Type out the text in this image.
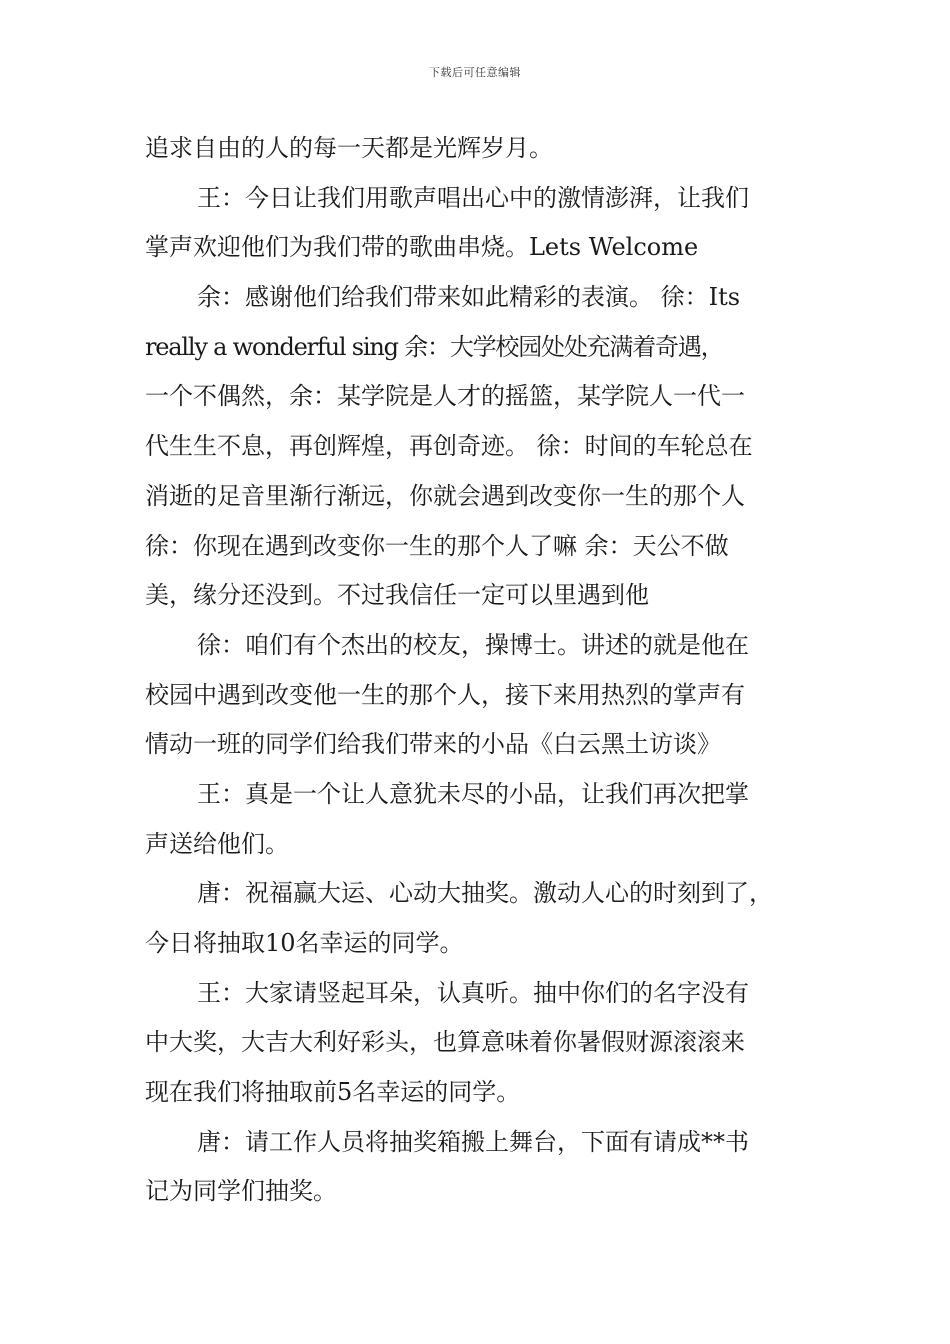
下载后可任意编辑
追求自由的人的每一天都是光辉岁月。
王：今日让我们用歌声唱出心中的激情澎湃，让我们
掌声欢迎他们为我们带的歌曲串烧。Lets Welcome
余：感谢他们给我们带来如此精彩的表演。 徐：Its
really a wonderful sing 余：大学校园处处充满着奇遇，
一个不偶然，余：某学院是人才的摇篮，某学院人一代一
代生生不息，再创辉煌，再创奇迹。 徐：时间的车轮总在
消逝的足音里渐行渐远，你就会遇到改变你一生的那个人
徐：你现在遇到改变你一生的那个人了嘛 余：天公不做
美，缘分还没到。不过我信任一定可以里遇到他
徐：咱们有个杰出的校友，操博士。讲述的就是他在
校园中遇到改变他一生的那个人，接下来用热烈的掌声有
情动一班的同学们给我们带来的小品《白云黑土访谈》
王：真是一个让人意犹未尽的小品，让我们再次把掌
声送给他们。
唐：祝福赢大运、心动大抽奖。激动人心的时刻到了，
今日将抽取10名幸运的同学。
王：大家请竖起耳朵，认真听。抽中你们的名字没有
中大奖，大吉大利好彩头，也算意味着你暑假财源滚滚来
现在我们将抽取前5名幸运的同学。
唐：请工作人员将抽奖箱搬上舞台，下面有请成**书
记为同学们抽奖。
